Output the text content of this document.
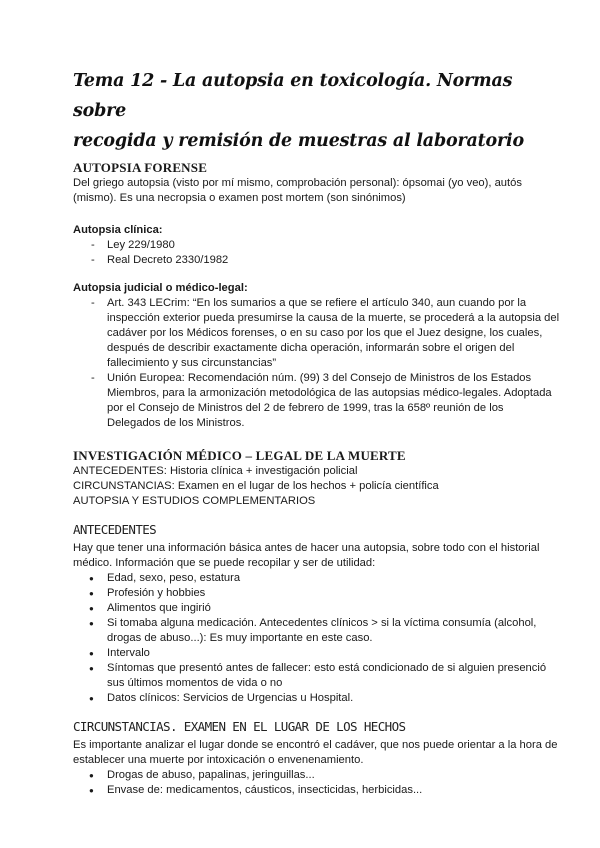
Tema 12 - La autopsia en toxicología. Normas sobre
recogida y remisión de muestras al laboratorio
AUTOPSIA FORENSE

Del griego autopsia (visto por mí mismo, comprobación personal): ópsomai (yo veo), autós (mismo). Es una necropsia o examen post mortem (son sinónimos)

Autopsia clínica:

- Ley 229/1980
- Real Decreto 2330/1982

Autopsia judicial o médico-legal:

- Art. 343 LECrim: “En los sumarios a que se refiere el artículo 340, aun cuando por la inspección exterior pueda presumirse la causa de la muerte, se procederá a la autopsia del cadáver por los Médicos forenses, o en su caso por los que el Juez designe, los cuales, después de describir exactamente dicha operación, informarán sobre el origen del fallecimiento y sus circunstancias”
- Unión Europea: Recomendación núm. (99) 3 del Consejo de Ministros de los Estados Miembros, para la armonización metodológica de las autopsias médico-legales. Adoptada por el Consejo de Ministros del 2 de febrero de 1999, tras la 658º reunión de los Delegados de los Ministros.
INVESTIGACIÓN MÉDICO – LEGAL DE LA MUERTE

ANTECEDENTES: Historia clínica + investigación policial

CIRCUNSTANCIAS: Examen en el lugar de los hechos + policía científica

AUTOPSIA Y ESTUDIOS COMPLEMENTARIOS

ANTECEDENTES

Hay que tener una información básica antes de hacer una autopsia, sobre todo con el historial médico. Información que se puede recopilar y ser de utilidad:

● Edad, sexo, peso, estatura
● Profesión y hobbies
● Alimentos que ingirió
● Si tomaba alguna medicación. Antecedentes clínicos > si la víctima consumía (alcohol, drogas de abuso...): Es muy importante en este caso.
● Intervalo
● Síntomas que presentó antes de fallecer: esto está condicionado de si alguien presenció sus últimos momentos de vida o no
● Datos clínicos: Servicios de Urgencias u Hospital.
CIRCUNSTANCIAS. EXAMEN EN EL LUGAR DE LOS HECHOS

Es importante analizar el lugar donde se encontró el cadáver, que nos puede orientar a la hora de establecer una muerte por intoxicación o envenenamiento.

● Drogas de abuso, papalinas, jeringuillas...
● Envase de: medicamentos, cáusticos, insecticidas, herbicidas...
